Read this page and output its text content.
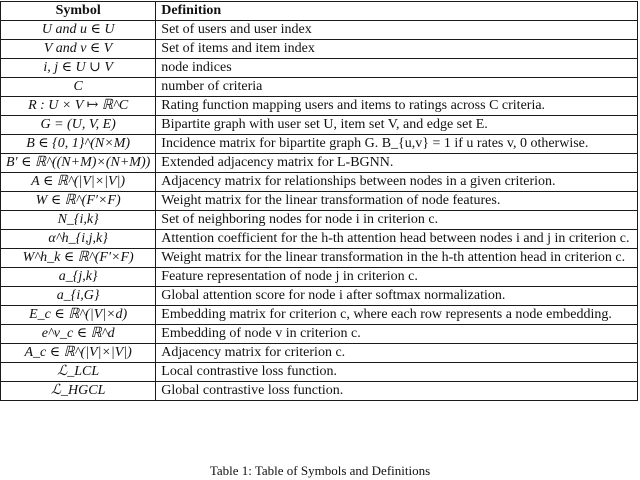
Symbol	Definition
U and u ∈ U	Set of users and user index
V and v ∈ V	Set of items and item index
i, j ∈ U ∪ V	node indices
C	number of criteria
R : U × V ↦ ℝ^C	Rating function mapping users and items to ratings across C criteria.
G = (U, V, E)	Bipartite graph with user set U, item set V, and edge set E.
B ∈ {0, 1}^(N×M)	Incidence matrix for bipartite graph G. B_{u,v} = 1 if u rates v, 0 otherwise.
B′ ∈ ℝ^((N+M)×(N+M))	Extended adjacency matrix for L-BGNN.
A ∈ ℝ^(|V|×|V|)	Adjacency matrix for relationships between nodes in a given criterion.
W ∈ ℝ^(F′×F)	Weight matrix for the linear transformation of node features.
N_{i,k}	Set of neighboring nodes for node i in criterion c.
α^h_{i,j,k}	Attention coefficient for the h-th attention head between nodes i and j in criterion c.
W^h_k ∈ ℝ^(F′×F)	Weight matrix for the linear transformation in the h-th attention head in criterion c.
a_{j,k}	Feature representation of node j in criterion c.
a_{i,G}	Global attention score for node i after softmax normalization.
E_c ∈ ℝ^(|V|×d)	Embedding matrix for criterion c, where each row represents a node embedding.
e^v_c ∈ ℝ^d	Embedding of node v in criterion c.
A_c ∈ ℝ^(|V|×|V|)	Adjacency matrix for criterion c.
ℒ_LCL	Local contrastive loss function.
ℒ_HGCL	Global contrastive loss function.
Table 1: Table of Symbols and Definitions
